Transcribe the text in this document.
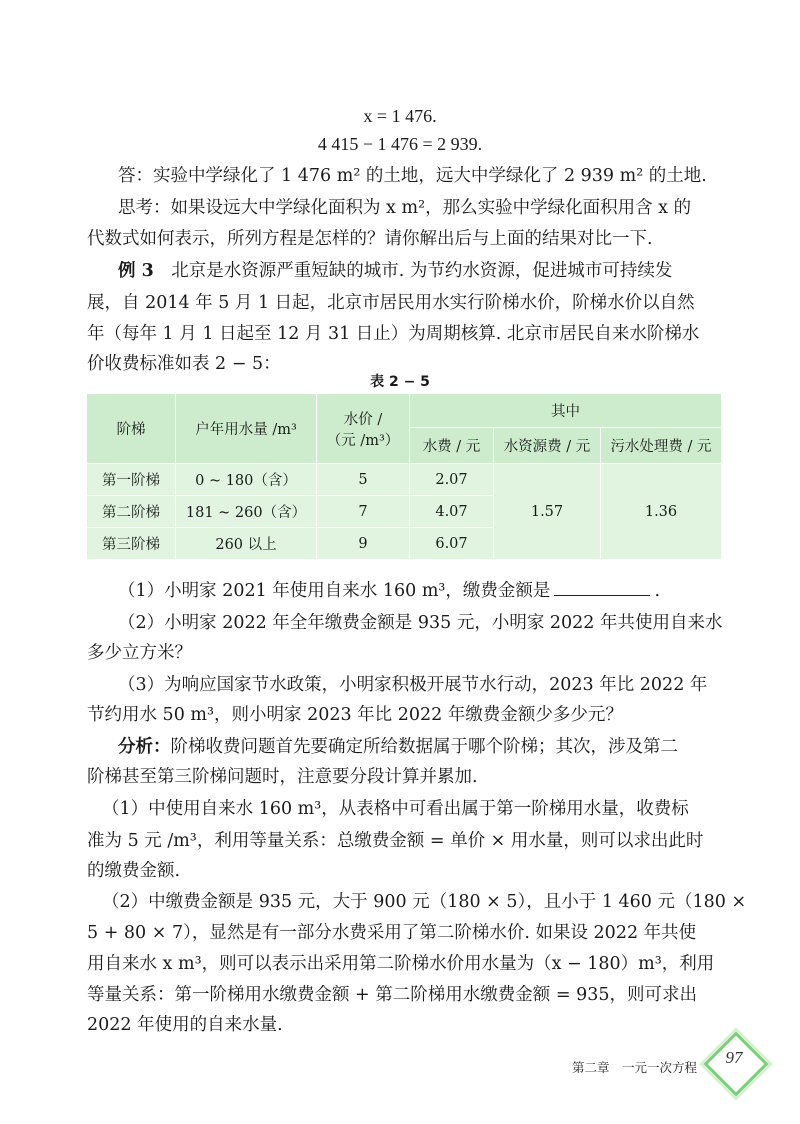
x = 1 476.
4 415 − 1 476 = 2 939.
答：实验中学绿化了 1 476 m² 的土地，远大中学绿化了 2 939 m² 的土地.
思考：如果设远大中学绿化面积为 x m²，那么实验中学绿化面积用含 x 的
代数式如何表示，所列方程是怎样的？请你解出后与上面的结果对比一下.
例 3　 北京是水资源严重短缺的城市. 为节约水资源，促进城市可持续发
展，自 2014 年 5 月 1 日起，北京市居民用水实行阶梯水价，阶梯水价以自然
年（每年 1 月 1 日起至 12 月 31 日止）为周期核算. 北京市居民自来水阶梯水
价收费标准如表 2 − 5：
表 2 − 5
阶梯	户年用水量 /m³	水价 /
（元 /m³）	其中		
			水费 / 元	水资源费 / 元	污水处理费 / 元
第一阶梯	0 ~ 180（含）	5	2.07	1.57	1.36
第二阶梯	181 ~ 260（含）	7	4.07		
第三阶梯	260 以上	9	6.07		
（1）小明家 2021 年使用自来水 160 m³，缴费金额是	.
（2）小明家 2022 年全年缴费金额是 935 元，小明家 2022 年共使用自来水
多少立方米？
（3）为响应国家节水政策，小明家积极开展节水行动，2023 年比 2022 年
节约用水 50 m³，则小明家 2023 年比 2022 年缴费金额少多少元？
分析：阶梯收费问题首先要确定所给数据属于哪个阶梯；其次，涉及第二
阶梯甚至第三阶梯问题时，注意要分段计算并累加.
（1）中使用自来水 160 m³，从表格中可看出属于第一阶梯用水量，收费标
准为 5 元 /m³，利用等量关系：总缴费金额 = 单价 × 用水量，则可以求出此时
的缴费金额.
（2）中缴费金额是 935 元，大于 900 元（180 × 5），且小于 1 460 元（180 ×
5 + 80 × 7），显然是有一部分水费采用了第二阶梯水价. 如果设 2022 年共使
用自来水 x m³，则可以表示出采用第二阶梯水价用水量为（x − 180）m³，利用
等量关系：第一阶梯用水缴费金额 + 第二阶梯用水缴费金额 = 935，则可求出
2022 年使用的自来水量.
第二章　一元一次方程
97
